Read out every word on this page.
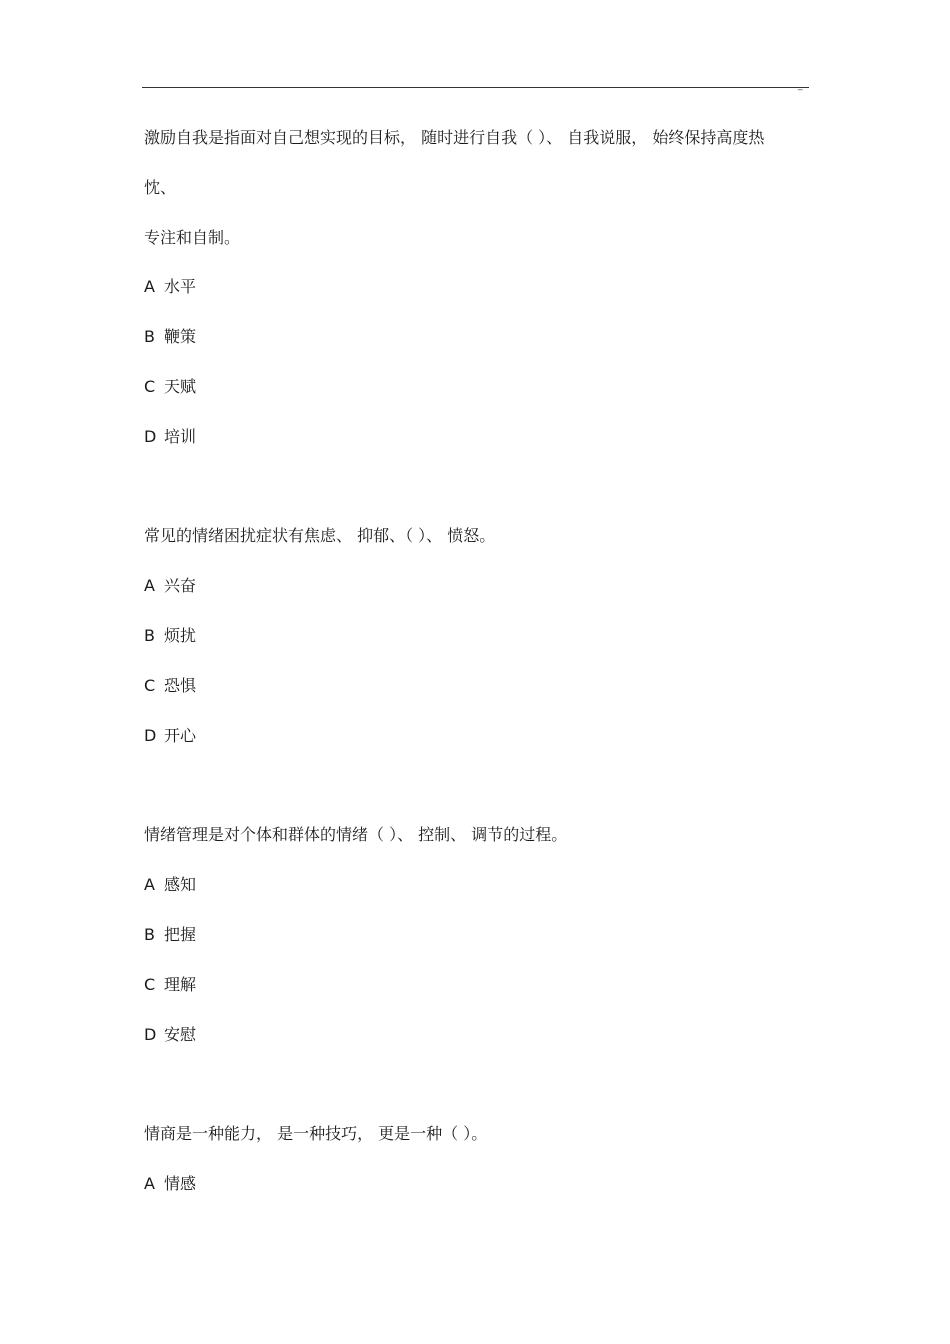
_
激励自我是指面对自己想实现的目标， 随时进行自我（ ）、 自我说服， 始终保持高度热
忱、
专注和自制。
A 水平
B 鞭策
C 天赋
D 培训
常见的情绪困扰症状有焦虑、 抑郁、（ ）、 愤怒。
A 兴奋
B 烦扰
C 恐惧
D 开心
情绪管理是对个体和群体的情绪（ ）、 控制、 调节的过程。
A 感知
B 把握
C 理解
D 安慰
情商是一种能力， 是一种技巧， 更是一种（ ）。
A 情感
